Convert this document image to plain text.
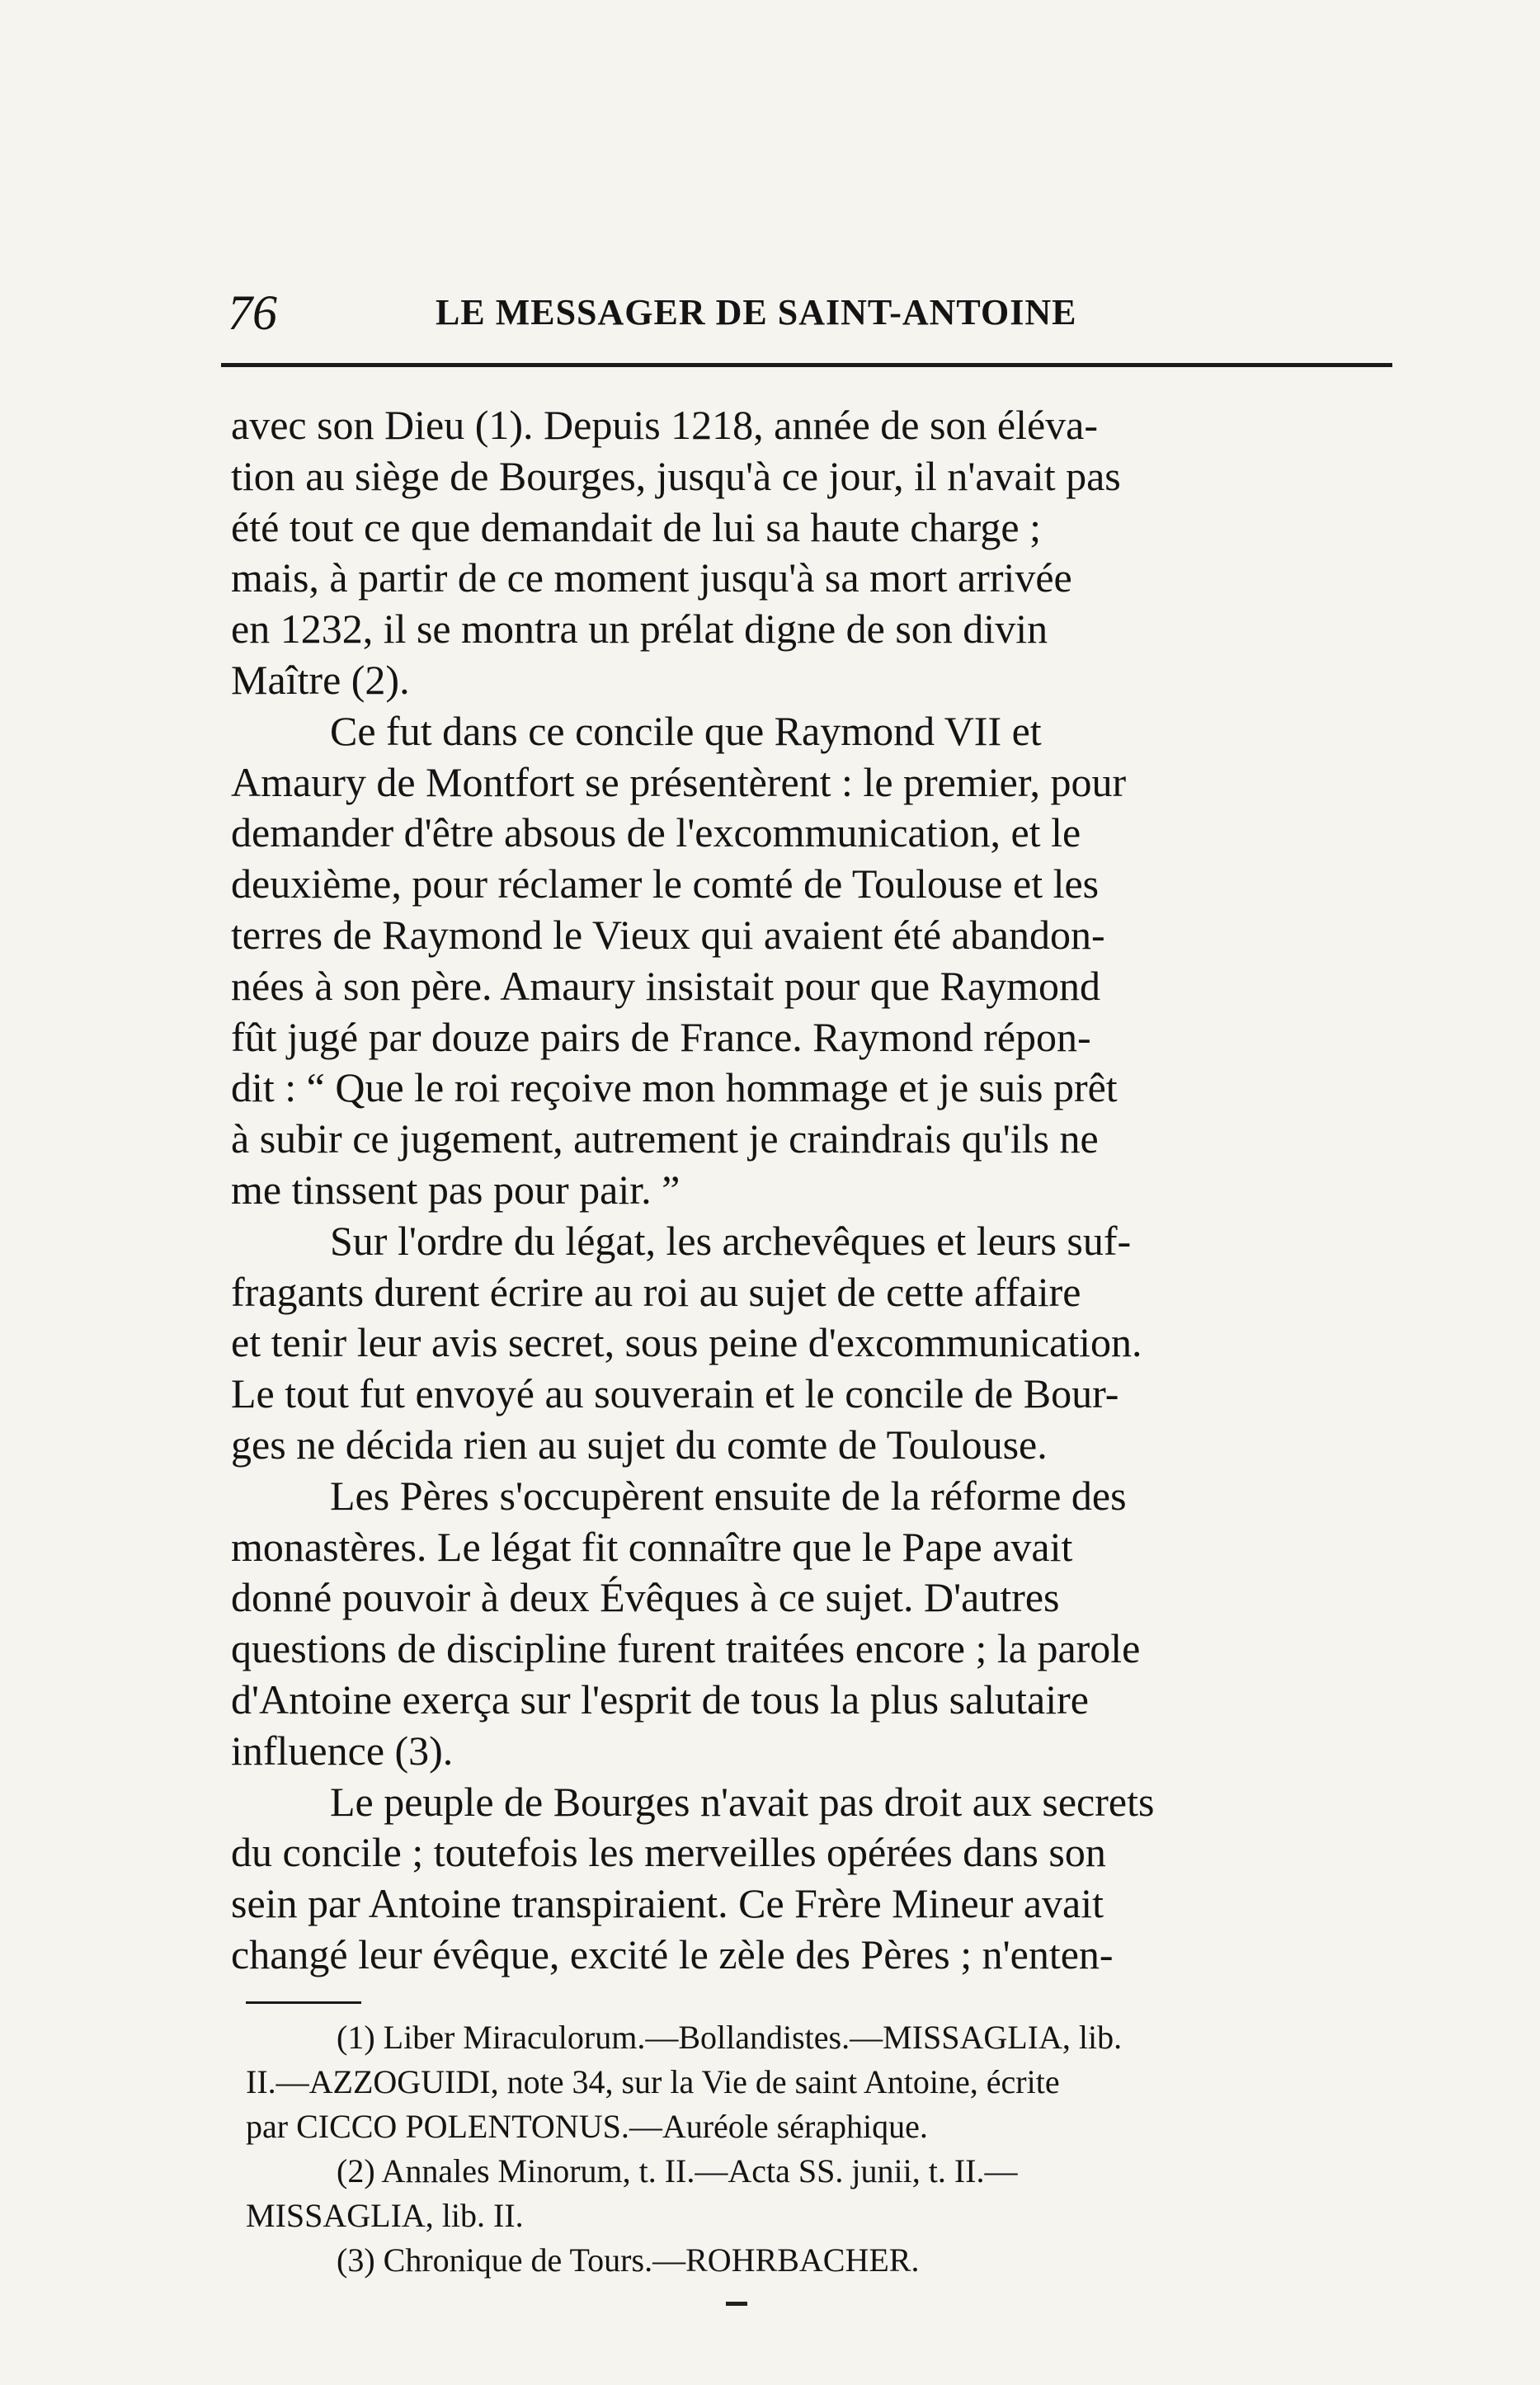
76	LE MESSAGER DE SAINT-ANTOINE

avec son Dieu (1). Depuis 1218, année de son éléva-
tion au siège de Bourges, jusqu'à ce jour, il n'avait pas
été tout ce que demandait de lui sa haute charge ;
mais, à partir de ce moment jusqu'à sa mort arrivée
en 1232, il se montra un prélat digne de son divin
Maître (2).

Ce fut dans ce concile que Raymond VII et
Amaury de Montfort se présentèrent : le premier, pour
demander d'être absous de l'excommunication, et le
deuxième, pour réclamer le comté de Toulouse et les
terres de Raymond le Vieux qui avaient été abandon-
nées à son père. Amaury insistait pour que Raymond
fût jugé par douze pairs de France. Raymond répon-
dit : “ Que le roi reçoive mon hommage et je suis prêt
à subir ce jugement, autrement je craindrais qu'ils ne
me tinssent pas pour pair. ”

Sur l'ordre du légat, les archevêques et leurs suf-
fragants durent écrire au roi au sujet de cette affaire
et tenir leur avis secret, sous peine d'excommunication.
Le tout fut envoyé au souverain et le concile de Bour-
ges ne décida rien au sujet du comte de Toulouse.

Les Pères s'occupèrent ensuite de la réforme des
monastères. Le légat fit connaître que le Pape avait
donné pouvoir à deux Évêques à ce sujet. D'autres
questions de discipline furent traitées encore ; la parole
d'Antoine exerça sur l'esprit de tous la plus salutaire
influence (3).

Le peuple de Bourges n'avait pas droit aux secrets
du concile ; toutefois les merveilles opérées dans son
sein par Antoine transpiraient. Ce Frère Mineur avait
changé leur évêque, excité le zèle des Pères ; n'enten-

(1) Liber Miraculorum.—Bollandistes.—MISSAGLIA, lib.
II.—AZZOGUIDI, note 34, sur la Vie de saint Antoine, écrite
par CICCO POLENTONUS.—Auréole séraphique.

(2) Annales Minorum, t. II.—Acta SS. junii, t. II.—
MISSAGLIA, lib. II.

(3) Chronique de Tours.—ROHRBACHER.
